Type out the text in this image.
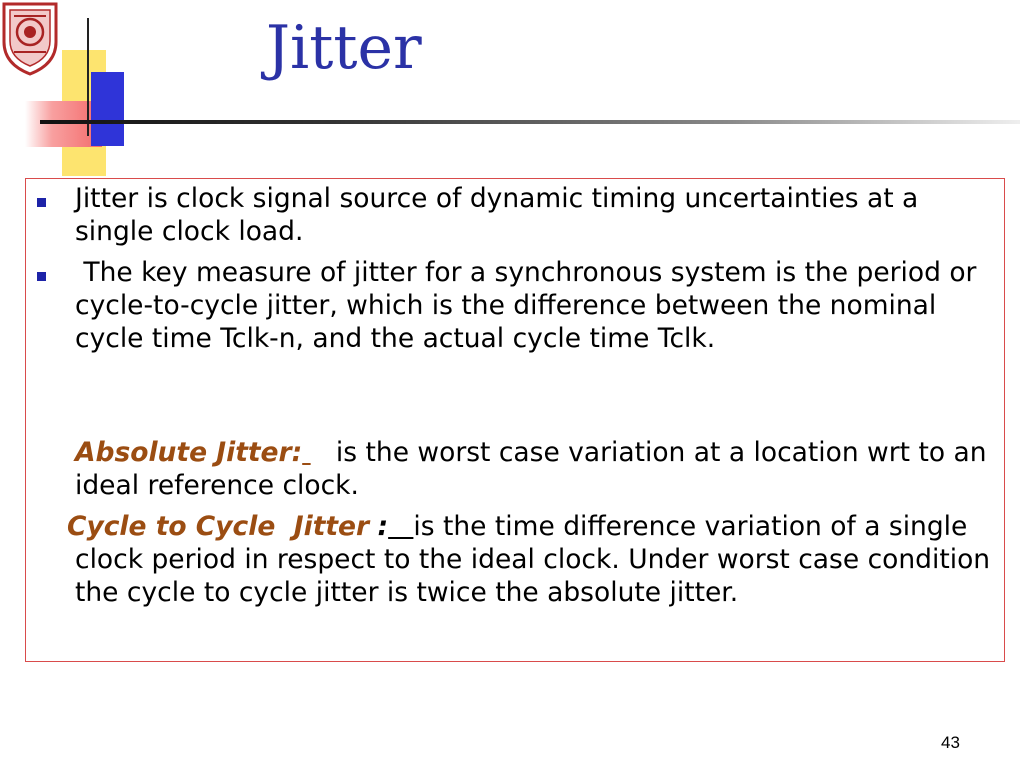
Jitter
Jitter is clock signal source of dynamic timing uncertainties at a single clock load.
The key measure of jitter for a synchronous system is the period or cycle-to-cycle jitter, which is the difference between the nominal cycle time Tclk-n, and the actual cycle time Tclk.
Absolute Jitter: is the worst case variation at a location wrt to an ideal reference clock.
Cycle to Cycle  Jitter : is the time difference variation of a single clock period in respect to the ideal clock. Under worst case condition the cycle to cycle jitter is twice the absolute jitter.
43
